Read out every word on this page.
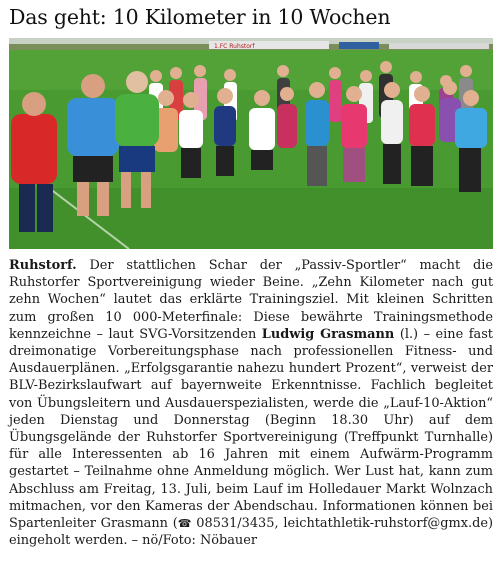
Das geht: 10 Kilometer in 10 Wochen
1.FC Ruhstorf

Ruhstorf. Der stattlichen Schar der „Passiv-Sportler“ macht die Ruhstorfer Sportvereinigung wieder Beine. „Zehn Kilometer nach gut zehn Wochen“ lautet das erklärte Trainingsziel. Mit kleinen Schritten zum großen 10 000-Meterfinale: Diese bewährte Trainingsmethode kennzeichne – laut SVG-Vorsitzenden Ludwig Grasmann (l.) – eine fast dreimonatige Vorbereitungsphase nach professionellen Fitness- und Ausdauerplänen. „Erfolgsgarantie nahezu hundert Prozent“, verweist der BLV-Bezirkslaufwart auf bayernweite Erkenntnisse. Fachlich begleitet von Übungsleitern und Ausdauerspezialisten, werde die „Lauf-10-Aktion“ jeden Dienstag und Donnerstag (Beginn 18.30 Uhr) auf dem Übungsgelände der Ruhstorfer Sportvereinigung (Treffpunkt Turnhalle) für alle Interessenten ab 16 Jahren mit einem Aufwärm-Programm gestartet – Teilnahme ohne Anmeldung möglich. Wer Lust hat, kann zum Abschluss am Freitag, 13. Juli, beim Lauf im Holledauer Markt Wolnzach mitmachen, vor den Kameras der Abendschau. Informationen können bei Spartenleiter Grasmann (☎ 08531/3435, leichtathletik-ruhstorf@gmx.de) eingeholt werden. – nö/Foto: Nöbauer
